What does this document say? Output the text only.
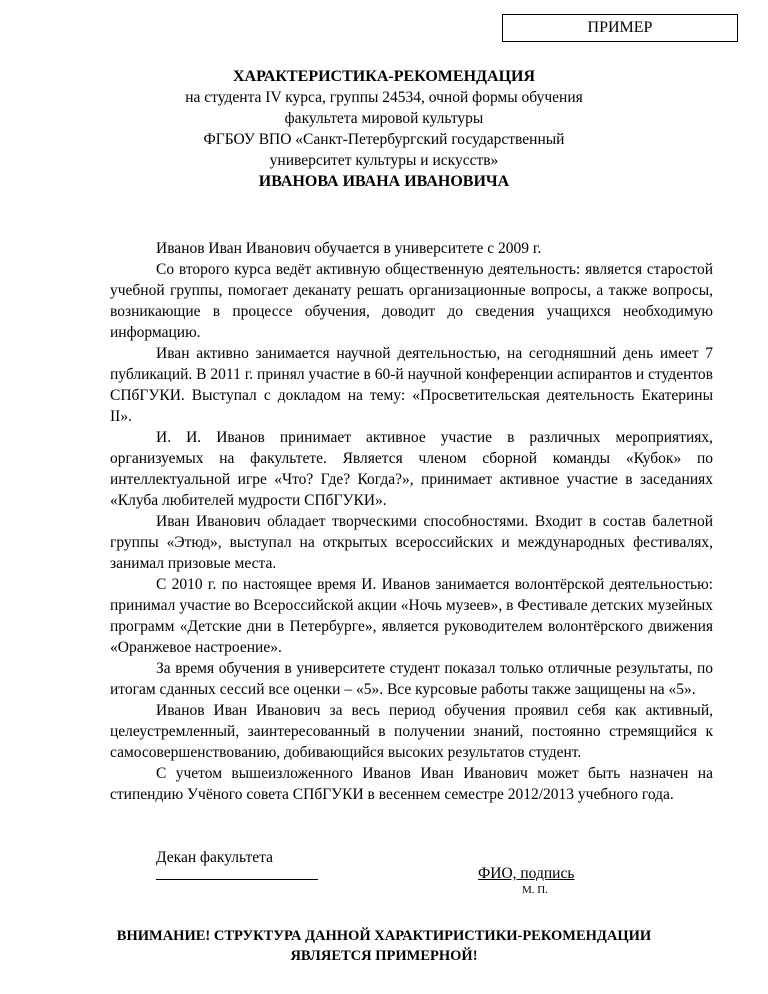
ПРИМЕР
ХАРАКТЕРИСТИКА-РЕКОМЕНДАЦИЯ
на студента IV курса, группы 24534, очной формы обучения
факультета мировой культуры
ФГБОУ ВПО «Санкт-Петербургский государственный
университет культуры и искусств»
ИВАНОВА ИВАНА ИВАНОВИЧА

Иванов Иван Иванович обучается в университете с 2009 г.

Со второго курса ведёт активную общественную деятельность: является старостой учебной группы, помогает деканату решать организационные вопросы, а также вопросы, возникающие в процессе обучения, доводит до сведения учащихся необходимую информацию.

Иван активно занимается научной деятельностью, на сегодняшний день имеет 7 публикаций. В 2011 г. принял участие в 60-й научной конференции аспирантов и студентов СПбГУКИ. Выступал с докладом на тему: «Просветительская деятельность Екатерины II».

И. И. Иванов принимает активное участие в различных мероприятиях, организуемых на факультете. Является членом сборной команды «Кубок» по интеллектуальной игре «Что? Где? Когда?», принимает активное участие в заседаниях «Клуба любителей мудрости СПбГУКИ».

Иван Иванович обладает творческими способностями. Входит в состав балетной группы «Этюд», выступал на открытых всероссийских и международных фестивалях, занимал призовые места.

С 2010 г. по настоящее время И. Иванов занимается волонтёрской деятельностью: принимал участие во Всероссийской акции «Ночь музеев», в Фестивале детских музейных программ «Детские дни в Петербурге», является руководителем волонтёрского движения «Оранжевое настроение».

За время обучения в университете студент показал только отличные результаты, по итогам сданных сессий все оценки – «5». Все курсовые работы также защищены на «5».

Иванов Иван Иванович за весь период обучения проявил себя как активный, целеустремленный, заинтересованный в получении знаний, постоянно стремящийся к самосовершенствованию, добивающийся высоких результатов студент.

С учетом вышеизложенного Иванов Иван Иванович может быть назначен на стипендию Учёного совета СПбГУКИ в весеннем семестре 2012/2013 учебного года.

Декан факультета
ФИО, подпись
М. П.
ВНИМАНИЕ! СТРУКТУРА ДАННОЙ ХАРАКТИРИСТИКИ-РЕКОМЕНДАЦИИ
ЯВЛЯЕТСЯ ПРИМЕРНОЙ!
